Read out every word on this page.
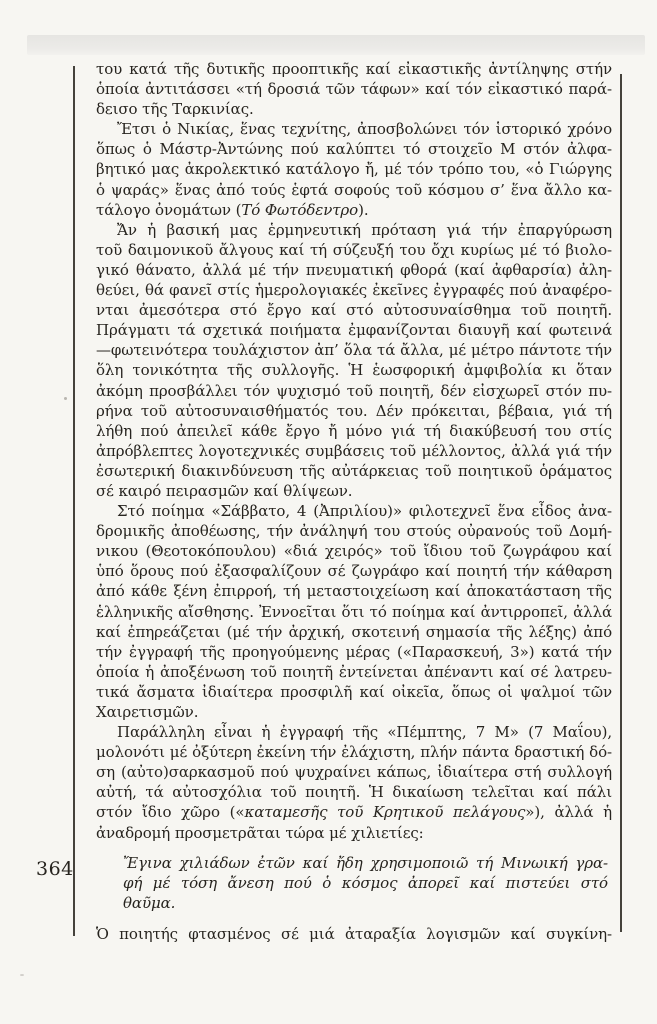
364
του κατά τῆς δυτικῆς προοπτικῆς καί εἰκαστικῆς ἀντίληψης στήν
ὁποία ἀντιτάσσει «τή δροσιά τῶν τάφων» καί τόν εἰκαστικό παρά-
δεισο τῆς Ταρκινίας.
Ἔτσι ὁ Νικίας, ἕνας τεχνίτης, ἀποσβολώνει τόν ἱστορικό χρόνο
ὅπως ὁ Μάστρ-Ἀντώνης πού καλύπτει τό στοιχεῖο Μ στόν ἀλφα-
βητικό μας ἀκρολεκτικό κατάλογο ἤ, μέ τόν τρόπο του, «ὁ Γιώργης
ὁ ψαράς» ἕνας ἀπό τούς ἑφτά σοφούς τοῦ κόσμου σ’ ἕνα ἄλλο κα-
τάλογο ὀνομάτων (Τό Φωτόδεντρο).
Ἄν ἡ βασική μας ἑρμηνευτική πρόταση γιά τήν ἐπαργύρωση
τοῦ δαιμονικοῦ ἄλγους καί τή σύζευξή του ὄχι κυρίως μέ τό βιολο-
γικό θάνατο, ἀλλά μέ τήν πνευματική φθορά (καί ἀφθαρσία) ἀλη-
θεύει, θά φανεῖ στίς ἡμερολογιακές ἐκεῖνες ἐγγραφές πού ἀναφέρο-
νται ἀμεσότερα στό ἔργο καί στό αὐτοσυναίσθημα τοῦ ποιητῆ.
Πράγματι τά σχετικά ποιήματα ἐμφανίζονται διαυγῆ καί φωτεινά
—φωτεινότερα τουλάχιστον ἀπ’ ὅλα τά ἄλλα, μέ μέτρο πάντοτε τήν
ὅλη τονικότητα τῆς συλλογῆς. Ἡ ἑωσφορική ἀμφιβολία κι ὅταν
ἀκόμη προσβάλλει τόν ψυχισμό τοῦ ποιητῆ, δέν εἰσχωρεῖ στόν πυ-
ρήνα τοῦ αὐτοσυναισθήματός του. Δέν πρόκειται, βέβαια, γιά τή
λήθη πού ἀπειλεῖ κάθε ἔργο ἤ μόνο γιά τή διακύβευσή του στίς
ἀπρόβλεπτες λογοτεχνικές συμβάσεις τοῦ μέλλοντος, ἀλλά γιά τήν
ἐσωτερική διακινδύνευση τῆς αὐτάρκειας τοῦ ποιητικοῦ ὁράματος
σέ καιρό πειρασμῶν καί θλίψεων.
Στό ποίημα «Σάββατο, 4 (Ἀπριλίου)» φιλοτεχνεῖ ἕνα εἶδος ἀνα-
δρομικῆς ἀποθέωσης, τήν ἀνάληψή του στούς οὐρανούς τοῦ Δομή-
νικου (Θεοτοκόπουλου) «διά χειρός» τοῦ ἴδιου τοῦ ζωγράφου καί
ὑπό ὅρους πού ἐξασφαλίζουν σέ ζωγράφο καί ποιητή τήν κάθαρση
ἀπό κάθε ξένη ἐπιρροή, τή μεταστοιχείωση καί ἀποκατάσταση τῆς
ἑλληνικῆς αἴσθησης. Ἐννοεῖται ὅτι τό ποίημα καί ἀντιρροπεῖ, ἀλλά
καί ἐπηρεάζεται (μέ τήν ἀρχική, σκοτεινή σημασία τῆς λέξης) ἀπό
τήν ἐγγραφή τῆς προηγούμενης μέρας («Παρασκευή, 3») κατά τήν
ὁποία ἡ ἀποξένωση τοῦ ποιητῆ ἐντείνεται ἀπέναντι καί σέ λατρευ-
τικά ἄσματα ἰδιαίτερα προσφιλῆ καί οἰκεῖα, ὅπως οἱ ψαλμοί τῶν
Χαιρετισμῶν.
Παράλληλη εἶναι ἡ ἐγγραφή τῆς «Πέμπτης, 7 Μ» (7 Μαΐου),
μολονότι μέ ὀξύτερη ἐκείνη τήν ἐλάχιστη, πλήν πάντα δραστική δό-
ση (αὐτο)σαρκασμοῦ πού ψυχραίνει κάπως, ἰδιαίτερα στή συλλογή
αὐτή, τά αὐτοσχόλια τοῦ ποιητῆ. Ἡ δικαίωση τελεῖται καί πάλι
στόν ἴδιο χῶρο («καταμεσῆς τοῦ Κρητικοῦ πελάγους»), ἀλλά ἡ
ἀναδρομή προσμετρᾶται τώρα μέ χιλιετίες:
Ἔγινα χιλιάδων ἐτῶν καί ἤδη χρησιμοποιῶ τή Μινωική γρα-
φή μέ τόση ἄνεση πού ὁ κόσμος ἀπορεῖ καί πιστεύει στό
θαῦμα.
Ὁ ποιητής φτασμένος σέ μιά ἀταραξία λογισμῶν καί συγκίνη-
